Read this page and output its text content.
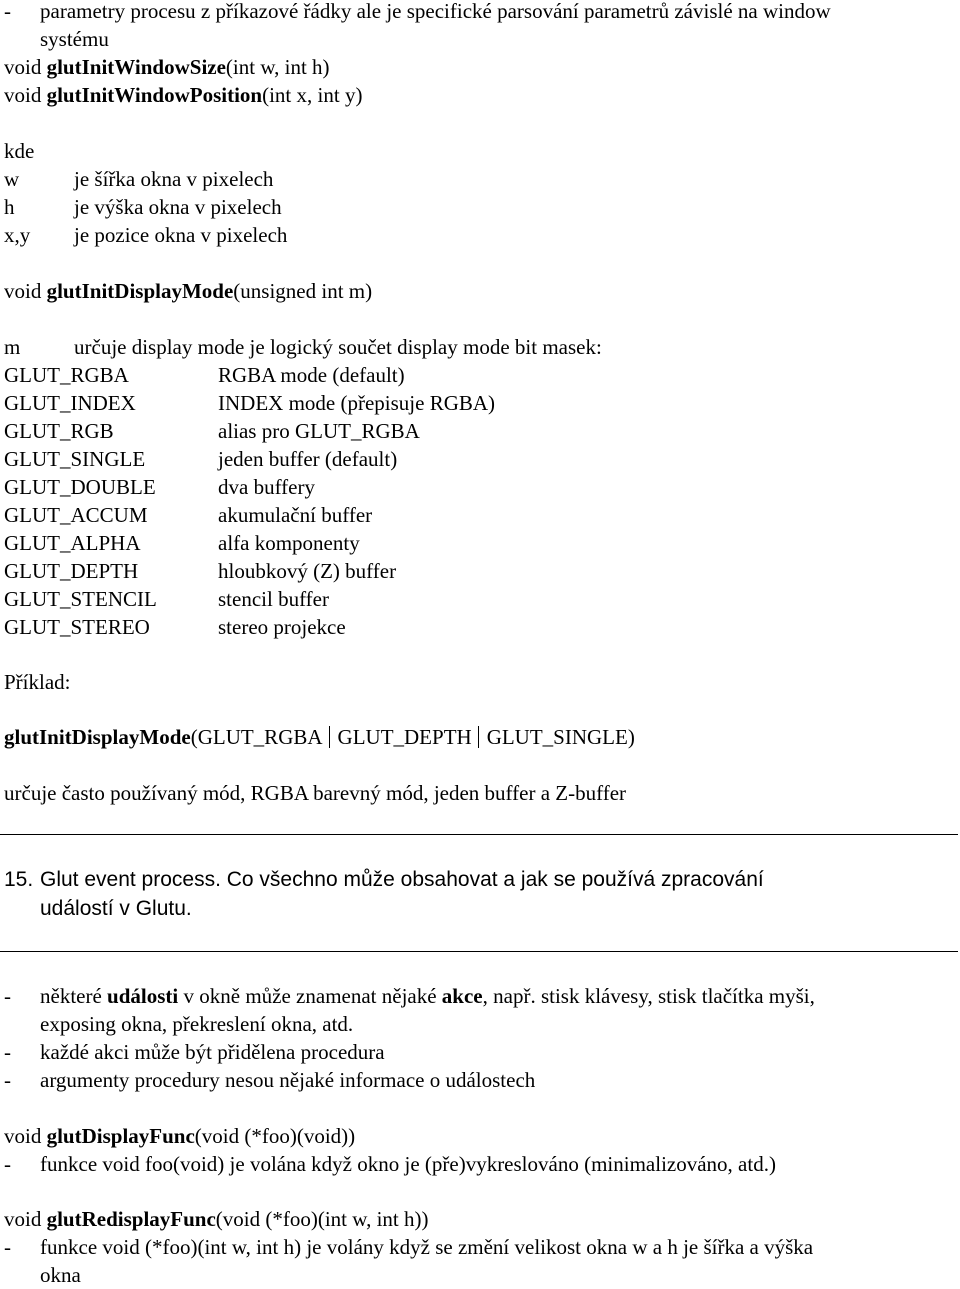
- parametry procesu z příkazové řádky ale je specifické parsování parametrů závislé na window
systému
void glutInitWindowSize(int w, int h)
void glutInitWindowPosition(int x, int y)
kde
w	je šířka okna v pixelech
h	je výška okna v pixelech
x,y je pozice okna v pixelech
void glutInitDisplayMode(unsigned int m)
m	určuje display mode je logický součet display mode bit masek:
GLUT_RGBA	RGBA mode (default)
GLUT_INDEX	INDEX mode (přepisuje RGBA)
GLUT_RGB	alias pro GLUT_RGBA
GLUT_SINGLE	jeden buffer (default)
GLUT_DOUBLE	dva buffery
GLUT_ACCUM	akumulační buffer
GLUT_ALPHA	alfa komponenty
GLUT_DEPTH	hloubkový (Z) buffer
GLUT_STENCIL	stencil buffer
GLUT_STEREO	stereo projekce
Příklad:
glutInitDisplayMode(GLUT_RGBA GLUT_DEPTH GLUT_SINGLE)
určuje často používaný mód, RGBA barevný mód, jeden buffer a Z-buffer
15. Glut event process. Co všechno může obsahovat a jak se používá zpracování
událostí v Glutu.
- některé události v okně může znamenat nějaké akce, např. stisk klávesy, stisk tlačítka myši,
exposing okna, překreslení okna, atd.
- každé akci může být přidělena procedura
- argumenty procedury nesou nějaké informace o událostech
void glutDisplayFunc(void (*foo)(void))
- funkce void foo(void) je volána když okno je (pře)vykreslováno (minimalizováno, atd.)
void glutRedisplayFunc(void (*foo)(int w, int h))
- funkce void (*foo)(int w, int h) je volány když se změní velikost okna w a h je šířka a výška
okna
